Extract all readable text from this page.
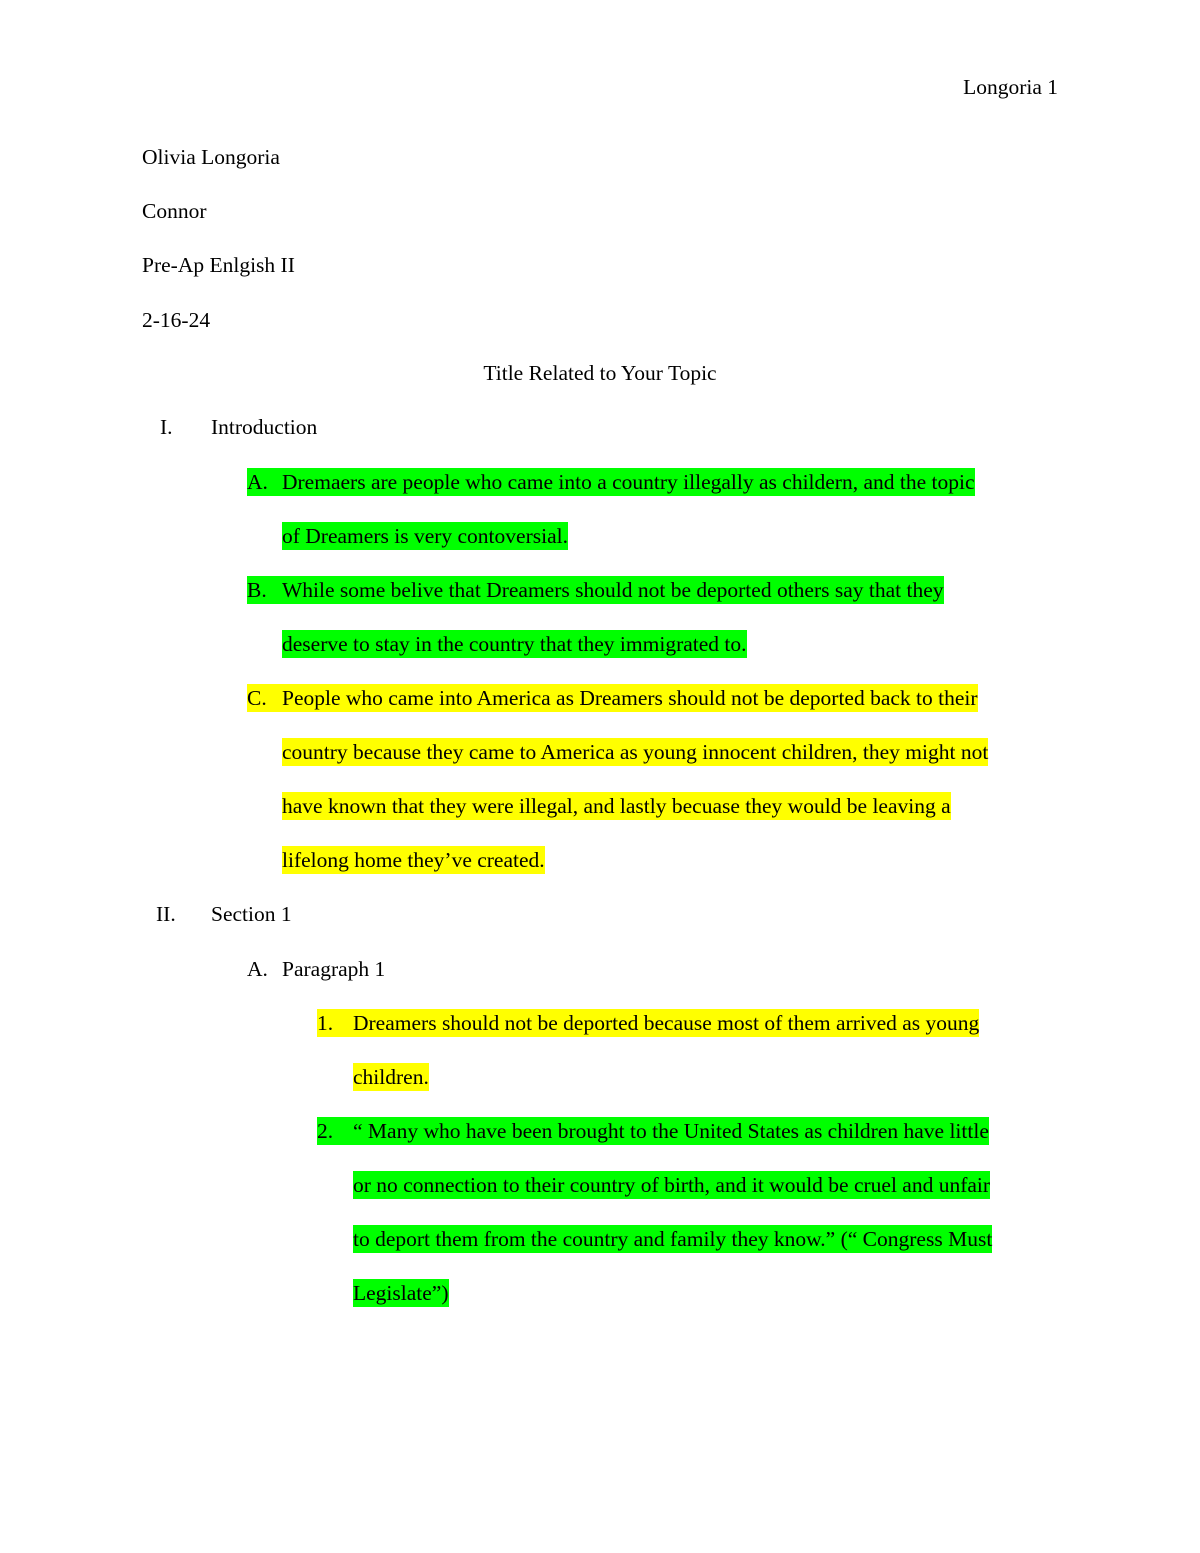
Longoria 1
Olivia Longoria
Connor
Pre-Ap Enlgish II
2-16-24
Title Related to Your Topic
I. Introduction
A. Dremaers are people who came into a country illegally as childern, and the topic
of Dreamers is very contoversial.
B. While some belive that Dreamers should not be deported others say that they
deserve to stay in the country that they immigrated to.
C. People who came into America as Dreamers should not be deported back to their
country because they came to America as young innocent children, they might not
have known that they were illegal, and lastly becuase they would be leaving a
lifelong home they’ve created.
II. Section 1
A. Paragraph 1
1. Dreamers should not be deported because most of them arrived as young
children.
2. “ Many who have been brought to the United States as children have little
or no connection to their country of birth, and it would be cruel and unfair
to deport them from the country and family they know.” (“ Congress Must
Legislate”)
